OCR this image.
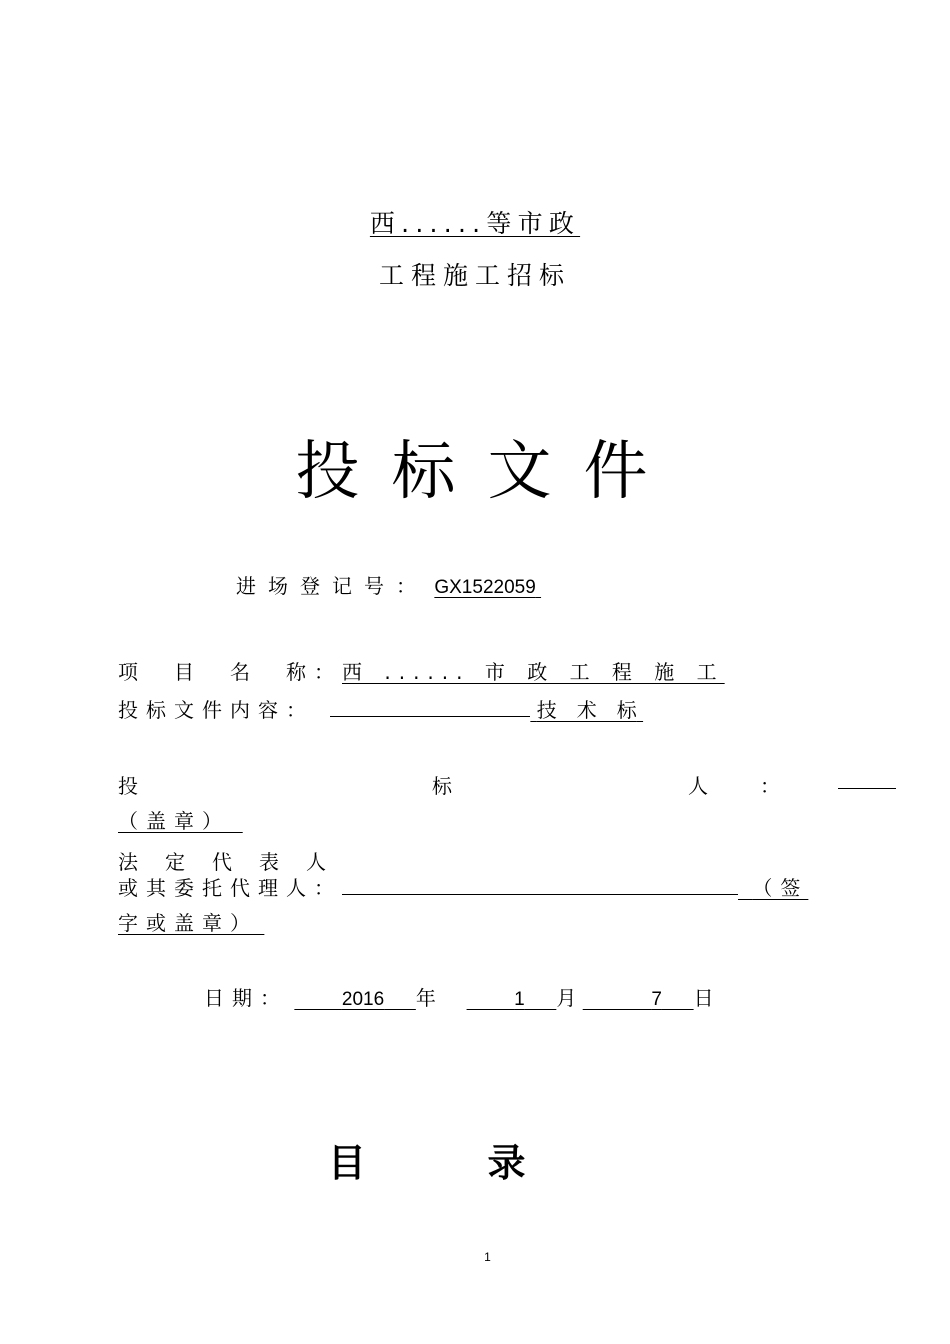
西......等市政
工程施工招标
投标文件
进场登记号： GX1522059
项　目　名　称：西 ...... 市 政 工 程 施 工
投标文件内容：	技　术　标
投	标	人	：
（盖章）
法定代表人
或其委托代理人：	（签
字或盖章）
日期：	2016 年	1 月	7 日
目录
1
